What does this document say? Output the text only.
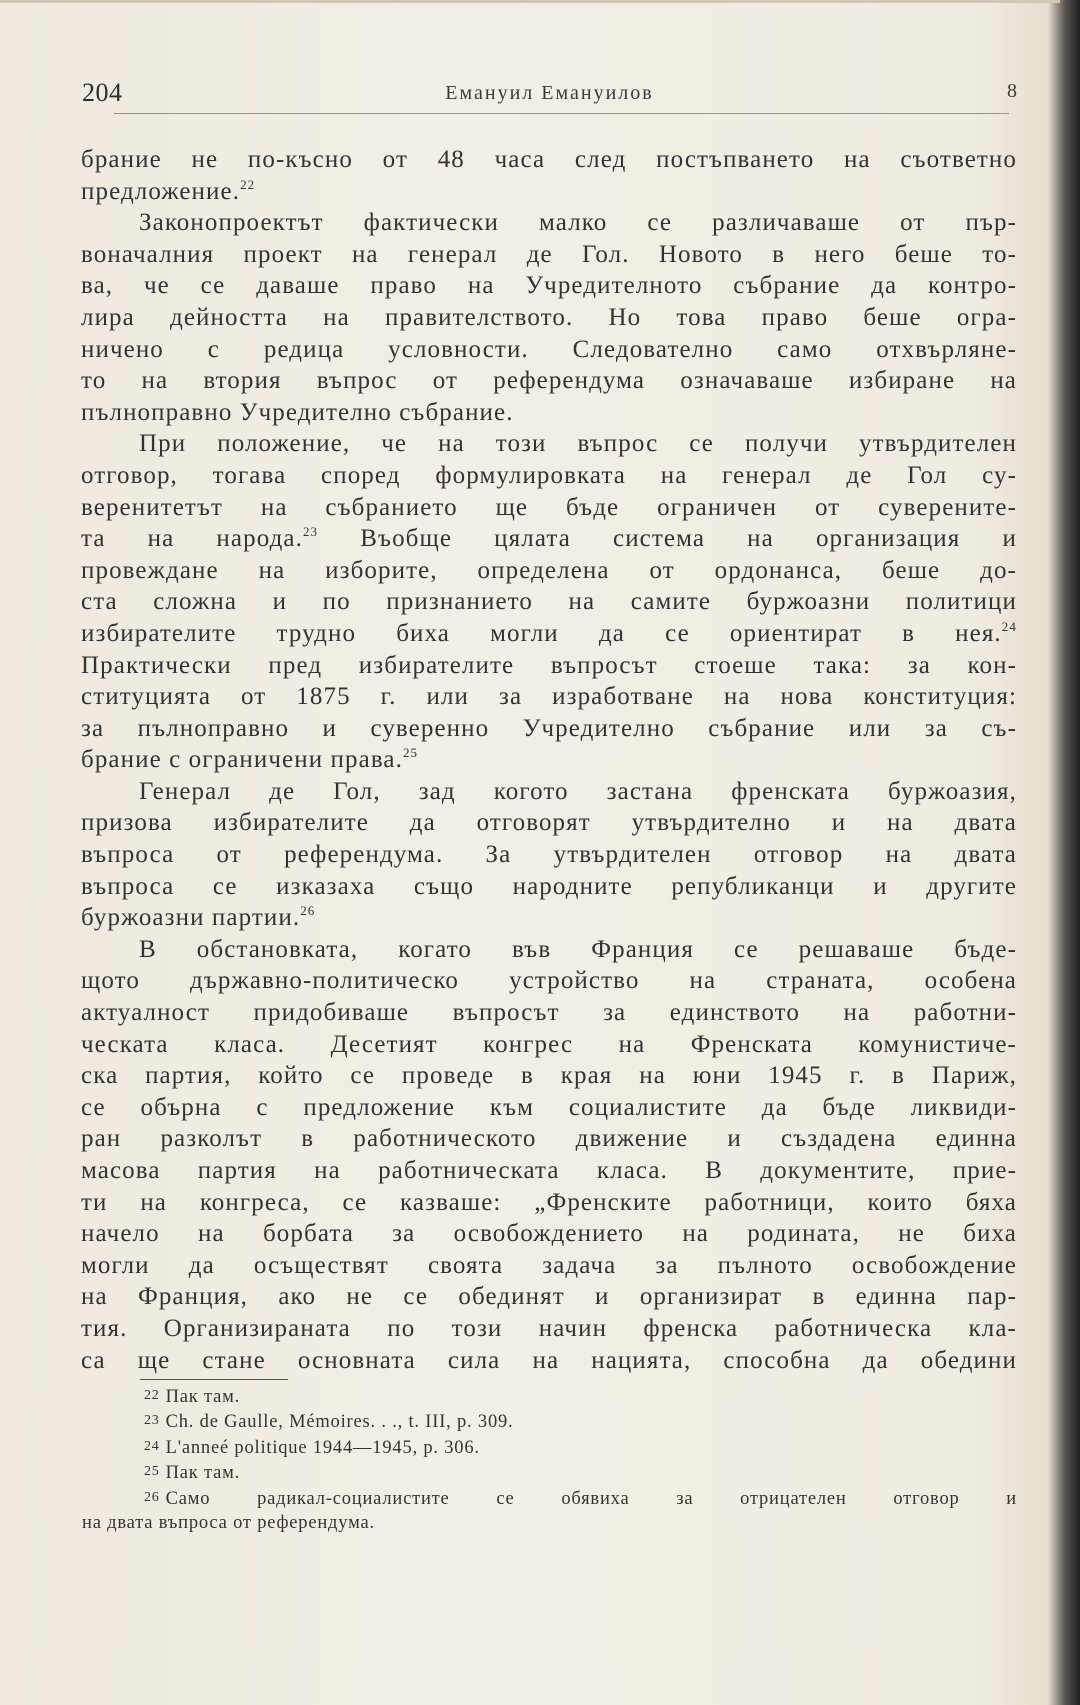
204	Емануил Емануилов	8
брание не по-късно от 48 часа след постъпването на съответно
предложение.$^{22}$
Законопроектът фактически малко се различаваше от пър-
воначалния проект на генерал де Гол. Новото в него беше то-
ва, че се даваше право на Учредителното събрание да контро-
лира дейността на правителството. Но това право беше огра-
ничено с редица условности. Следователно само отхвърляне-
то на втория въпрос от референдума означаваше избиране на
пълноправно Учредително събрание.
При положение, че на този въпрос се получи утвърдителен
отговор, тогава според формулировката на генерал де Гол су-
веренитетът на събранието ще бъде ограничен от суверените-
та на народа.$^{23}$ Въобще цялата система на организация и
провеждане на изборите, определена от ордонанса, беше до-
ста сложна и по признанието на самите буржоазни политици
избирателите трудно биха могли да се ориентират в нея.$^{24}$
Практически пред избирателите въпросът стоеше така: за кон-
ституцията от 1875 г. или за изработване на нова конституция:
за пълноправно и суверенно Учредително събрание или за съ-
брание с ограничени права.$^{25}$
Генерал де Гол, зад когото застана френската буржоазия,
призова избирателите да отговорят утвърдително и на двата
въпроса от референдума. За утвърдителен отговор на двата
въпроса се изказаха също народните републиканци и другите
буржоазни партии.$^{26}$
В обстановката, когато във Франция се решаваше бъде-
щото държавно-политическо устройство на страната, особена
актуалност придобиваше въпросът за единството на работни-
ческата класа. Десетият конгрес на Френската комунистиче-
ска партия, който се проведе в края на юни 1945 г. в Париж,
се обърна с предложение към социалистите да бъде ликвиди-
ран разколът в работническото движение и създадена единна
масова партия на работническата класа. В документите, прие-
ти на конгреса, се казваше: „Френските работници, които бяха
начело на борбата за освобождението на родината, не биха
могли да осъществят своята задача за пълното освобождение
на Франция, ако не се обединят и организират в единна пар-
тия. Организираната по този начин френска работническа кла-
са ще стане основната сила на нацията, способна да обедини
22 Пак там.
23 Ch. de Gaulle, Mémoires. . ., t. III, p. 309.
24 L'anneé politique 1944—1945, p. 306.
25 Пак там.
26 Само радикал-социалистите се обявиха за отрицателен отговор и
на двата въпроса от референдума.
